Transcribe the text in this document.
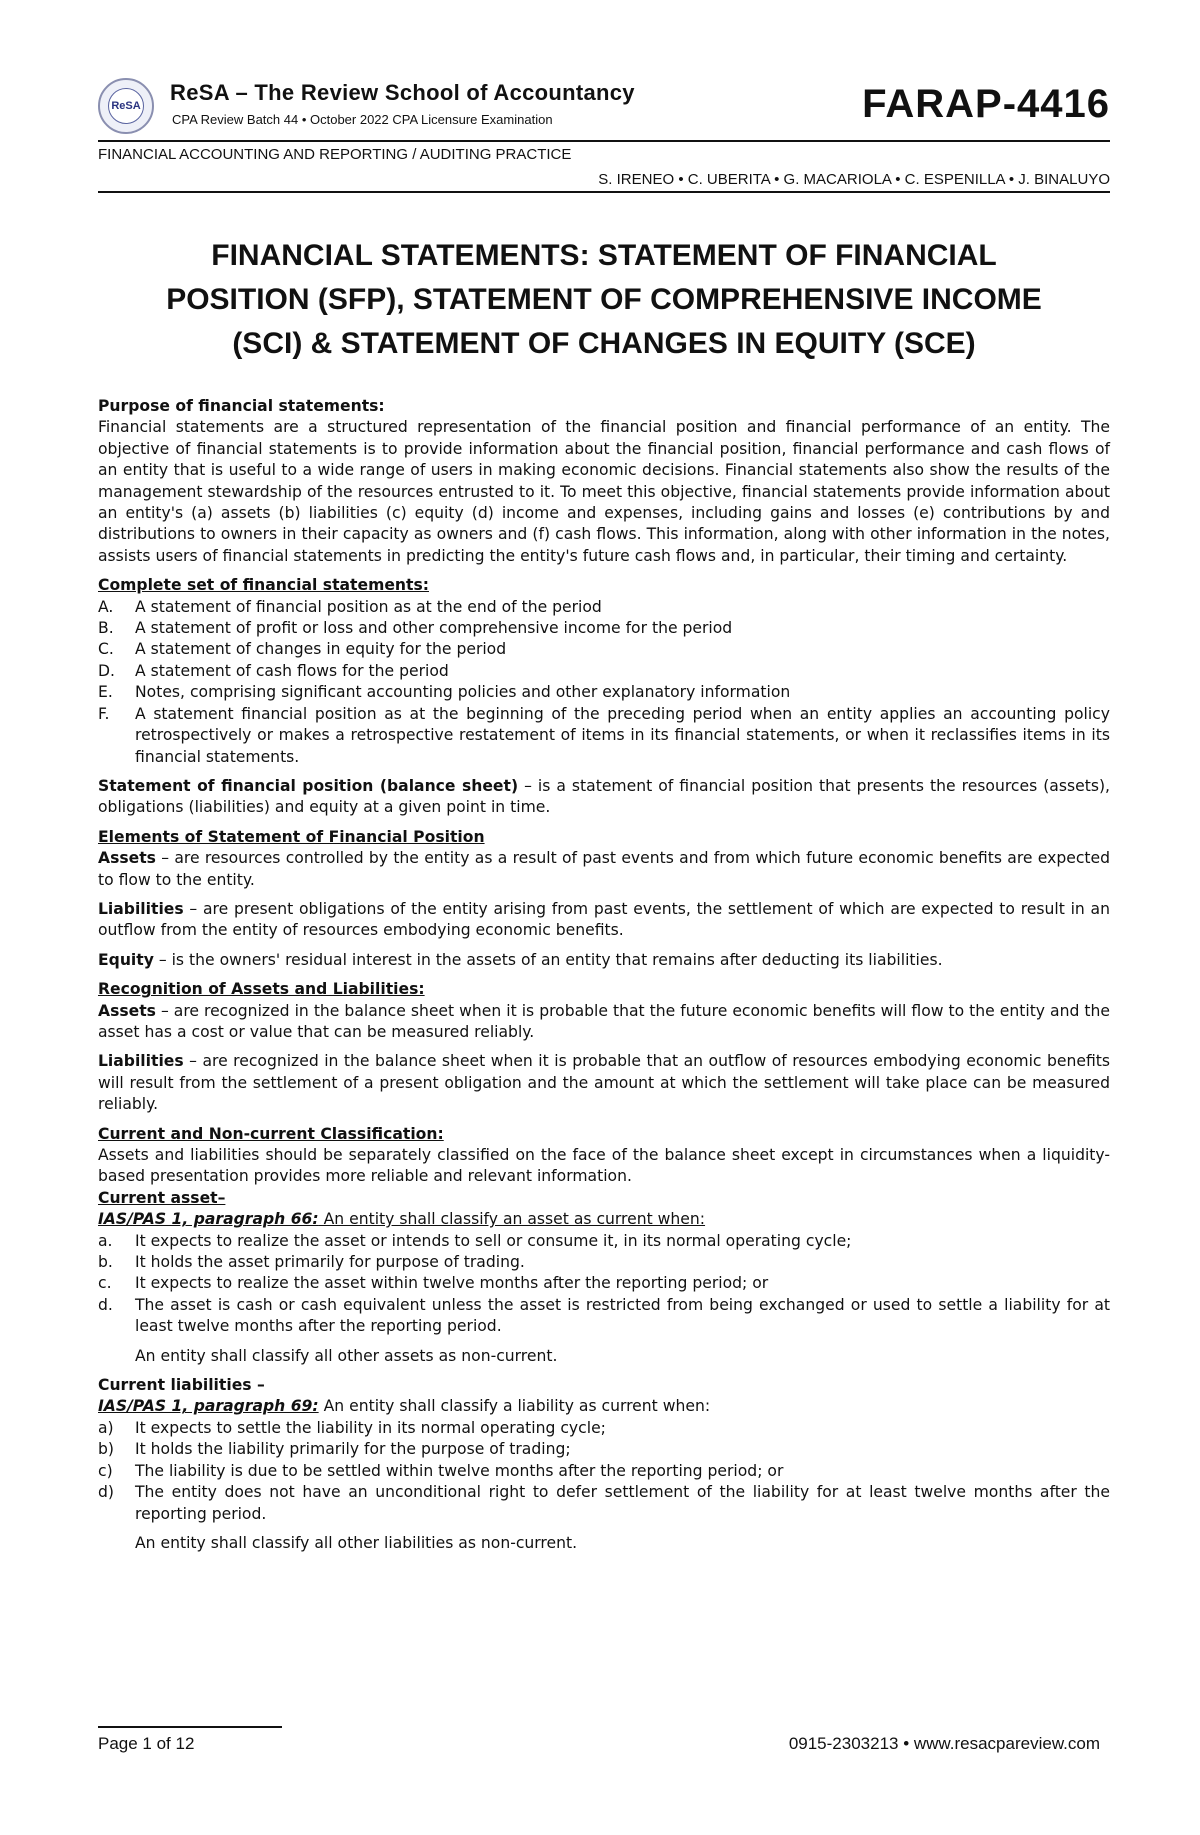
ReSA
ReSA – The Review School of Accountancy
CPA Review Batch 44 • October 2022 CPA Licensure Examination	FARAP-4416
FINANCIAL ACCOUNTING AND REPORTING / AUDITING PRACTICE
S. IRENEO • C. UBERITA • G. MACARIOLA • C. ESPENILLA • J. BINALUYO
FINANCIAL STATEMENTS: STATEMENT OF FINANCIAL
POSITION (SFP), STATEMENT OF COMPREHENSIVE INCOME
(SCI) & STATEMENT OF CHANGES IN EQUITY (SCE)

Purpose of financial statements:

Financial statements are a structured representation of the financial position and financial performance of an entity. The objective of financial statements is to provide information about the financial position, financial performance and cash flows of an entity that is useful to a wide range of users in making economic decisions. Financial statements also show the results of the management stewardship of the resources entrusted to it. To meet this objective, financial statements provide information about an entity's (a) assets (b) liabilities (c) equity (d) income and expenses, including gains and losses (e) contributions by and distributions to owners in their capacity as owners and (f) cash flows. This information, along with other information in the notes, assists users of financial statements in predicting the entity's future cash flows and, in particular, their timing and certainty.

Complete set of financial statements:

A. A statement of financial position as at the end of the period
B. A statement of profit or loss and other comprehensive income for the period
C. A statement of changes in equity for the period
D. A statement of cash flows for the period
E. Notes, comprising significant accounting policies and other explanatory information
F. A statement financial position as at the beginning of the preceding period when an entity applies an accounting policy retrospectively or makes a retrospective restatement of items in its financial statements, or when it reclassifies items in its financial statements.

Statement of financial position (balance sheet) – is a statement of financial position that presents the resources (assets), obligations (liabilities) and equity at a given point in time.

Elements of Statement of Financial Position

Assets – are resources controlled by the entity as a result of past events and from which future economic benefits are expected to flow to the entity.

Liabilities – are present obligations of the entity arising from past events, the settlement of which are expected to result in an outflow from the entity of resources embodying economic benefits.

Equity – is the owners' residual interest in the assets of an entity that remains after deducting its liabilities.

Recognition of Assets and Liabilities:

Assets – are recognized in the balance sheet when it is probable that the future economic benefits will flow to the entity and the asset has a cost or value that can be measured reliably.

Liabilities – are recognized in the balance sheet when it is probable that an outflow of resources embodying economic benefits will result from the settlement of a present obligation and the amount at which the settlement will take place can be measured reliably.

Current and Non-current Classification:

Assets and liabilities should be separately classified on the face of the balance sheet except in circumstances when a liquidity-based presentation provides more reliable and relevant information.

Current asset–

IAS/PAS 1, paragraph 66: An entity shall classify an asset as current when:

a. It expects to realize the asset or intends to sell or consume it, in its normal operating cycle;
b. It holds the asset primarily for purpose of trading.
c. It expects to realize the asset within twelve months after the reporting period; or
d. The asset is cash or cash equivalent unless the asset is restricted from being exchanged or used to settle a liability for at least twelve months after the reporting period.

An entity shall classify all other assets as non-current.

Current liabilities –

IAS/PAS 1, paragraph 69: An entity shall classify a liability as current when:

a) It expects to settle the liability in its normal operating cycle;
b) It holds the liability primarily for the purpose of trading;
c) The liability is due to be settled within twelve months after the reporting period; or
d) The entity does not have an unconditional right to defer settlement of the liability for at least twelve months after the reporting period.

An entity shall classify all other liabilities as non-current.

Page 1 of 12	0915-2303213 • www.resacpareview.com
